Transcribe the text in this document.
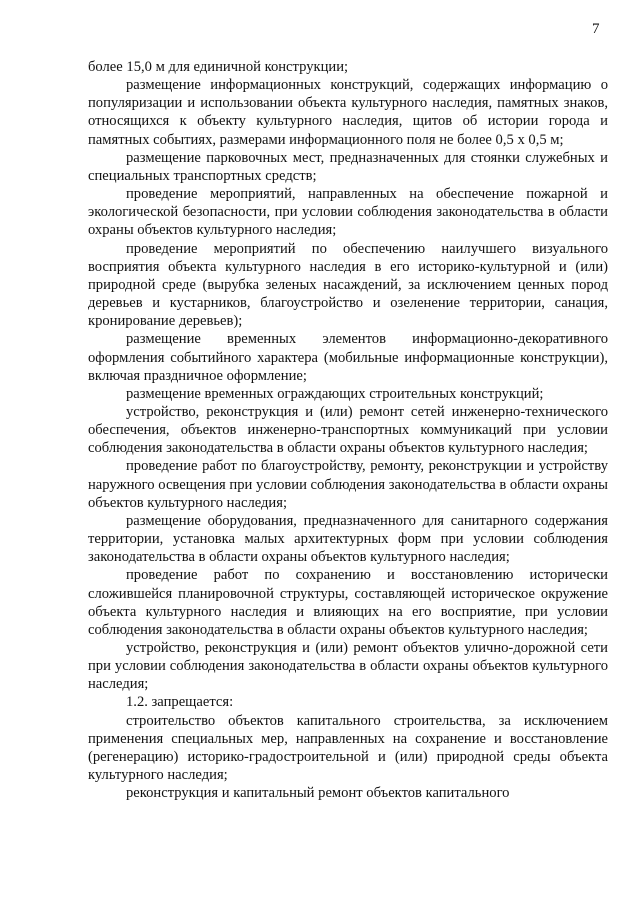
7

более 15,0 м для единичной конструкции;

размещение информационных конструкций, содержащих информацию о популяризации и использовании объекта культурного наследия, памятных знаков, относящихся к объекту культурного наследия, щитов об истории города и памятных событиях, размерами информационного поля не более 0,5 х 0,5 м;

размещение парковочных мест, предназначенных для стоянки служебных и специальных транспортных средств;

проведение мероприятий, направленных на обеспечение пожарной и экологической безопасности, при условии соблюдения законодательства в области охраны объектов культурного наследия;

проведение мероприятий по обеспечению наилучшего визуального восприятия объекта культурного наследия в его историко-культурной и (или) природной среде (вырубка зеленых насаждений, за исключением ценных пород деревьев и кустарников, благоустройство и озеленение территории, санация, кронирование деревьев);

размещение временных элементов информационно-декоративного оформления событийного характера (мобильные информационные конструкции), включая праздничное оформление;

размещение временных ограждающих строительных конструкций;

устройство, реконструкция и (или) ремонт сетей инженерно-технического обеспечения, объектов инженерно-транспортных коммуникаций при условии соблюдения законодательства в области охраны объектов культурного наследия;

проведение работ по благоустройству, ремонту, реконструкции и устройству наружного освещения при условии соблюдения законодательства в области охраны объектов культурного наследия;

размещение оборудования, предназначенного для санитарного содержания территории, установка малых архитектурных форм при условии соблюдения законодательства в области охраны объектов культурного наследия;

проведение работ по сохранению и восстановлению исторически сложившейся планировочной структуры, составляющей историческое окружение объекта культурного наследия и влияющих на его восприятие, при условии соблюдения законодательства в области охраны объектов культурного наследия;

устройство, реконструкция и (или) ремонт объектов улично-дорожной сети при условии соблюдения законодательства в области охраны объектов культурного наследия;

1.2. запрещается:

строительство объектов капитального строительства, за исключением применения специальных мер, направленных на сохранение и восстановление (регенерацию) историко-градостроительной и (или) природной среды объекта культурного наследия;

реконструкция и капитальный ремонт объектов капитального
